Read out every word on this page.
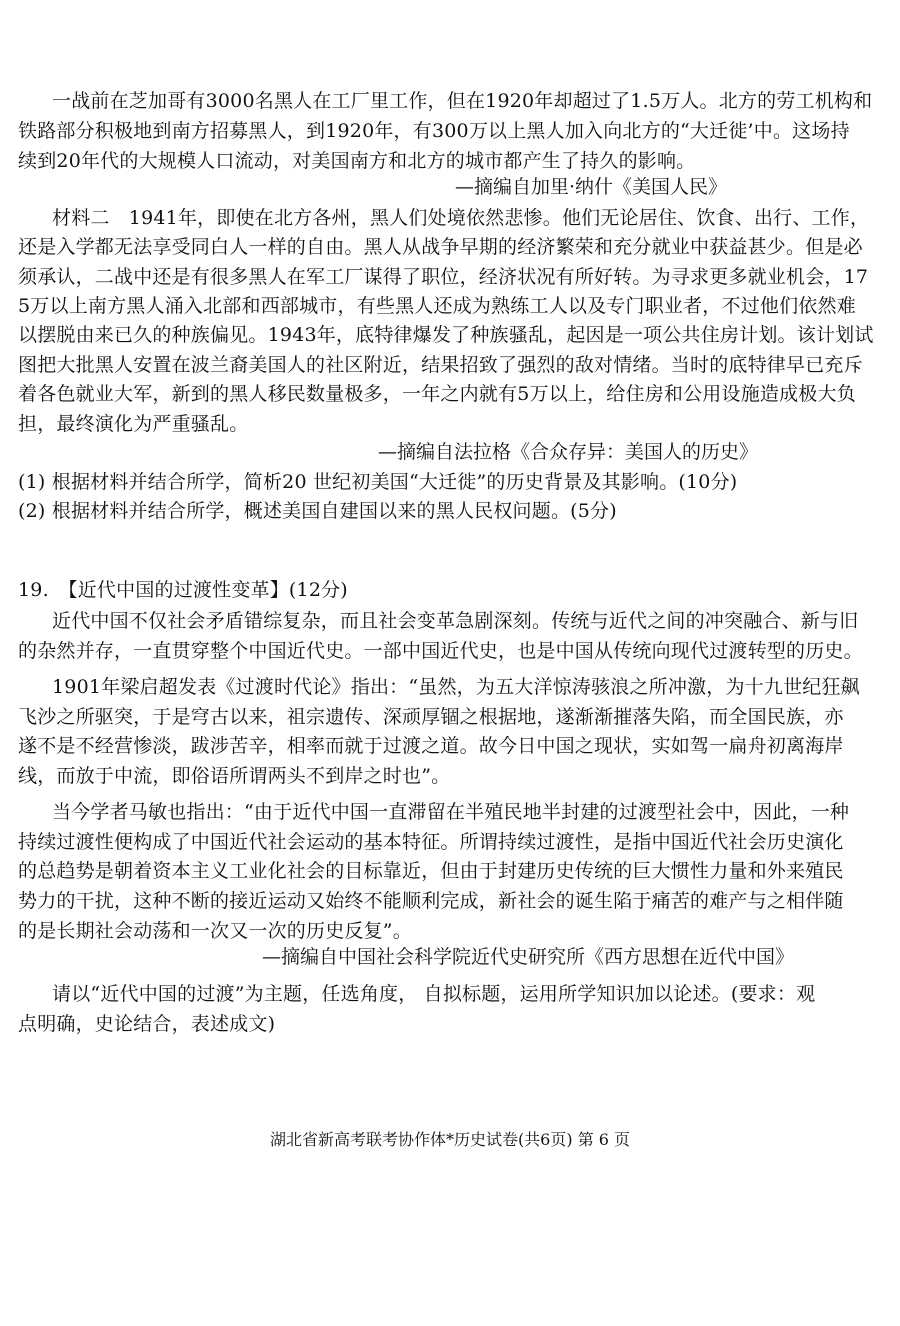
一战前在芝加哥有3000名黑人在工厂里工作，但在1920年却超过了1.5万人。北方的劳工机构和
铁路部分积极地到南方招募黑人，到1920年，有300万以上黑人加入向北方的“大迁徙’中。这场持
续到20年代的大规模人口流动，对美国南方和北方的城市都产生了持久的影响。
—摘编自加里·纳什《美国人民》
材料二　1941年，即使在北方各州，黑人们处境依然悲惨。他们无论居住、饮食、出行、工作，
还是入学都无法享受同白人一样的自由。黑人从战争早期的经济繁荣和充分就业中获益甚少。但是必
须承认，二战中还是有很多黑人在军工厂谋得了职位，经济状况有所好转。为寻求更多就业机会，17
5万以上南方黑人涌入北部和西部城市，有些黑人还成为熟练工人以及专门职业者，不过他们依然难
以摆脱由来已久的种族偏见。1943年，底特律爆发了种族骚乱，起因是一项公共住房计划。该计划试
图把大批黑人安置在波兰裔美国人的社区附近，结果招致了强烈的敌对情绪。当时的底特律早已充斥
着各色就业大军，新到的黑人移民数量极多，一年之内就有5万以上，给住房和公用设施造成极大负
担，最终演化为严重骚乱。
—摘编自法拉格《合众存异：美国人的历史》
(1) 根据材料并结合所学，简析20 世纪初美国“大迁徙”的历史背景及其影响。(10分)
(2) 根据材料并结合所学，概述美国自建国以来的黑人民权问题。(5分)
19.　【近代中国的过渡性变革】(12分)
近代中国不仅社会矛盾错综复杂，而且社会变革急剧深刻。传统与近代之间的冲突融合、新与旧
的杂然并存，一直贯穿整个中国近代史。一部中国近代史，也是中国从传统向现代过渡转型的历史。
1901年梁启超发表《过渡时代论》指出：“虽然，为五大洋惊涛骇浪之所冲激，为十九世纪狂飙
飞沙之所驱突，于是穹古以来，祖宗遗传、深顽厚锢之根据地，遂渐渐摧落失陷，而全国民族，亦
遂不是不经营惨淡，跋涉苦辛，相率而就于过渡之道。故今日中国之现状，实如驾一扁舟初离海岸
线，而放于中流，即俗语所谓两头不到岸之时也”。
当今学者马敏也指出：“由于近代中国一直滞留在半殖民地半封建的过渡型社会中，因此，一种
持续过渡性便构成了中国近代社会运动的基本特征。所谓持续过渡性，是指中国近代社会历史演化
的总趋势是朝着资本主义工业化社会的目标靠近，但由于封建历史传统的巨大惯性力量和外来殖民
势力的干扰，这种不断的接近运动又始终不能顺利完成，新社会的诞生陷于痛苦的难产与之相伴随
的是长期社会动荡和一次又一次的历史反复”。
—摘编自中国社会科学院近代史研究所《西方思想在近代中国》
请以“近代中国的过渡”为主题，任选角度， 自拟标题，运用所学知识加以论述。(要求：观
点明确，史论结合，表述成文)
湖北省新高考联考协作体*历史试卷(共6页) 第 6 页
